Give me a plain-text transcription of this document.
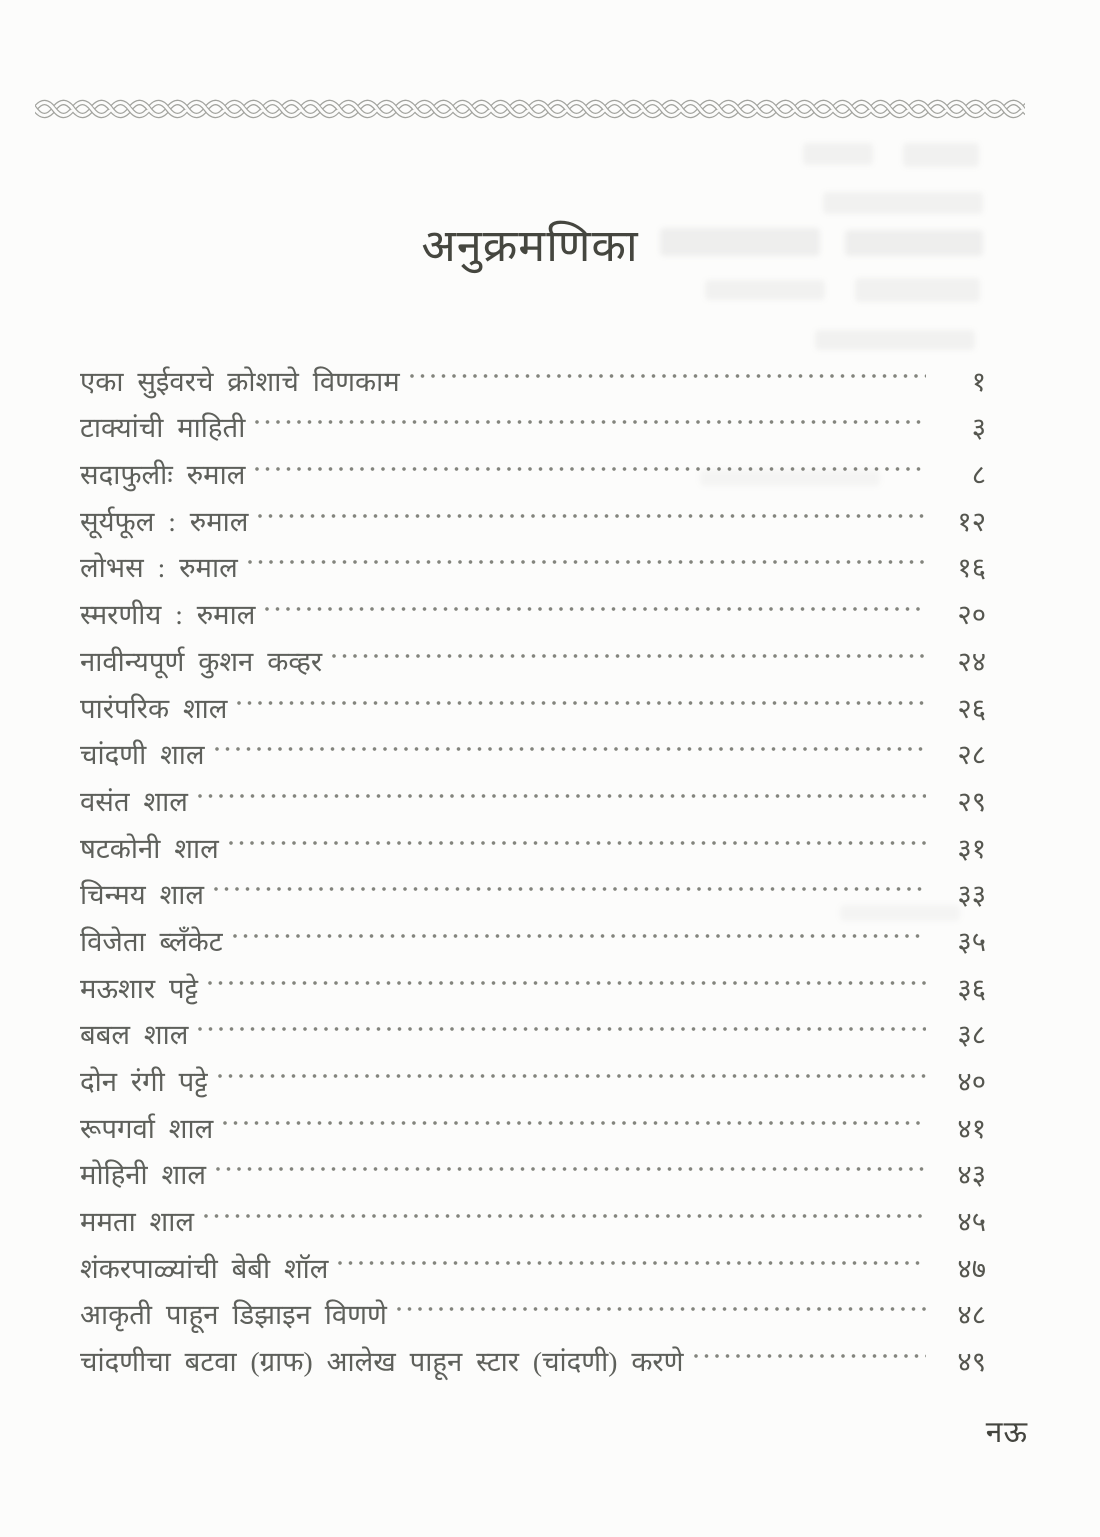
अनुक्रमणिका
एका सुईवरचे क्रोशाचे विणकाम	१
टाक्यांची माहिती	३
सदाफुलीः रुमाल	८
सूर्यफूल : रुमाल	१२
लोभस : रुमाल	१६
स्मरणीय : रुमाल	२०
नावीन्यपूर्ण कुशन कव्हर	२४
पारंपरिक शाल	२६
चांदणी शाल	२८
वसंत शाल	२९
षटकोनी शाल	३१
चिन्मय शाल	३३
विजेता ब्लँकेट	३५
मऊशार पट्टे	३६
बबल शाल	३८
दोन रंगी पट्टे	४०
रूपगर्वा शाल	४१
मोहिनी शाल	४३
ममता शाल	४५
शंकरपाळ्यांची बेबी शॉल	४७
आकृती पाहून डिझाइन विणणे	४८
चांदणीचा बटवा (ग्राफ) आलेख पाहून स्टार (चांदणी) करणे	४९
नऊ
